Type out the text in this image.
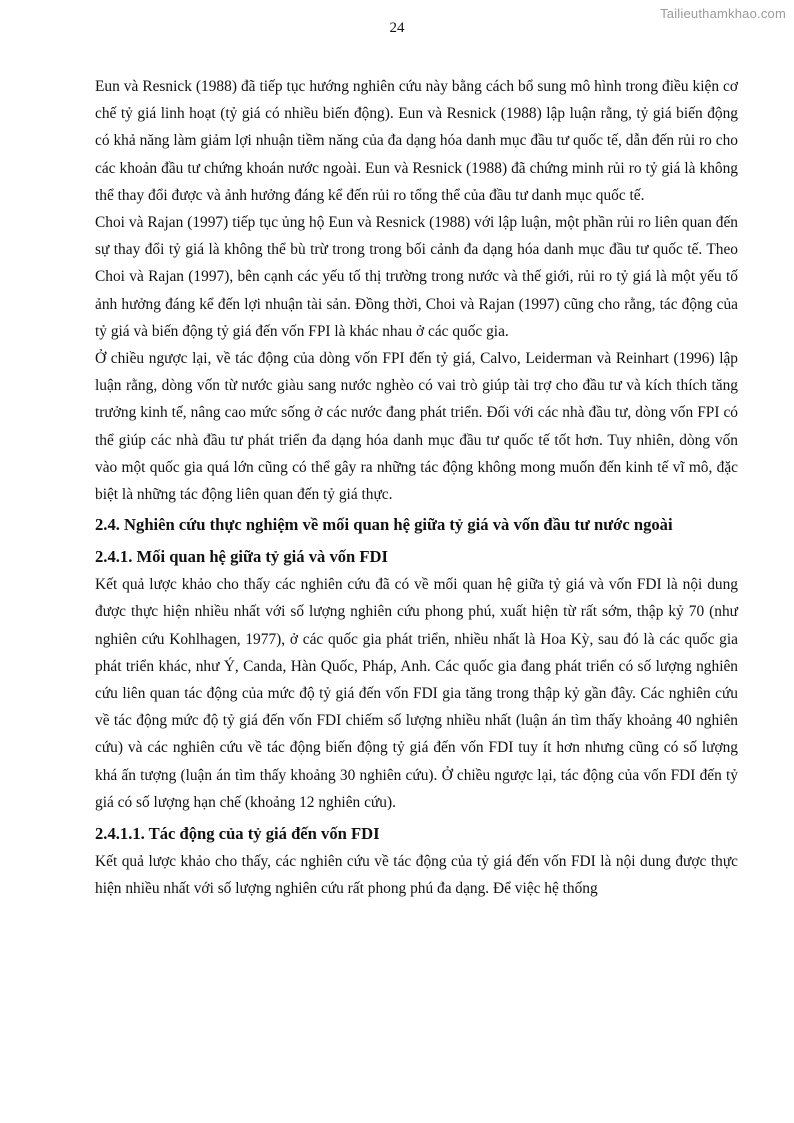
Tailieuthamkhao.com
24

Eun và Resnick (1988) đã tiếp tục hướng nghiên cứu này bằng cách bổ sung mô hình trong điều kiện cơ chế tỷ giá linh hoạt (tỷ giá có nhiều biến động). Eun và Resnick (1988) lập luận rằng, tỷ giá biến động có khả năng làm giảm lợi nhuận tiềm năng của đa dạng hóa danh mục đầu tư quốc tế, dẫn đến rủi ro cho các khoản đầu tư chứng khoán nước ngoài. Eun và Resnick (1988) đã chứng minh rủi ro tỷ giá là không thể thay đổi được và ảnh hưởng đáng kể đến rủi ro tổng thể của đầu tư danh mục quốc tế.

Choi và Rajan (1997) tiếp tục ủng hộ Eun và Resnick (1988) với lập luận, một phần rủi ro liên quan đến sự thay đổi tỷ giá là không thể bù trừ trong trong bối cảnh đa dạng hóa danh mục đầu tư quốc tế. Theo Choi và Rajan (1997), bên cạnh các yếu tố thị trường trong nước và thế giới, rủi ro tỷ giá là một yếu tố ảnh hưởng đáng kể đến lợi nhuận tài sản. Đồng thời, Choi và Rajan (1997) cũng cho rằng, tác động của tỷ giá và biến động tỷ giá đến vốn FPI là khác nhau ở các quốc gia.

Ở chiều ngược lại, về tác động của dòng vốn FPI đến tỷ giá, Calvo, Leiderman và Reinhart (1996) lập luận rằng, dòng vốn từ nước giàu sang nước nghèo có vai trò giúp tài trợ cho đầu tư và kích thích tăng trưởng kinh tế, nâng cao mức sống ở các nước đang phát triển. Đối với các nhà đầu tư, dòng vốn FPI có thể giúp các nhà đầu tư phát triển đa dạng hóa danh mục đầu tư quốc tế tốt hơn. Tuy nhiên, dòng vốn vào một quốc gia quá lớn cũng có thể gây ra những tác động không mong muốn đến kinh tế vĩ mô, đặc biệt là những tác động liên quan đến tỷ giá thực.

2.4. Nghiên cứu thực nghiệm về mối quan hệ giữa tỷ giá và vốn đầu tư nước ngoài
2.4.1. Mối quan hệ giữa tỷ giá và vốn FDI

Kết quả lược khảo cho thấy các nghiên cứu đã có về mối quan hệ giữa tỷ giá và vốn FDI là nội dung được thực hiện nhiều nhất với số lượng nghiên cứu phong phú, xuất hiện từ rất sớm, thập kỷ 70 (như nghiên cứu Kohlhagen, 1977), ở các quốc gia phát triển, nhiều nhất là Hoa Kỳ, sau đó là các quốc gia phát triển khác, như Ý, Canda, Hàn Quốc, Pháp, Anh. Các quốc gia đang phát triển có số lượng nghiên cứu liên quan tác động của mức độ tỷ giá đến vốn FDI gia tăng trong thập kỷ gần đây. Các nghiên cứu về tác động mức độ tỷ giá đến vốn FDI chiếm số lượng nhiều nhất (luận án tìm thấy khoảng 40 nghiên cứu) và các nghiên cứu về tác động biến động tỷ giá đến vốn FDI tuy ít hơn nhưng cũng có số lượng khá ấn tượng (luận án tìm thấy khoảng 30 nghiên cứu). Ở chiều ngược lại, tác động của vốn FDI đến tỷ giá có số lượng hạn chế (khoảng 12 nghiên cứu).

2.4.1.1. Tác động của tỷ giá đến vốn FDI

Kết quả lược khảo cho thấy, các nghiên cứu về tác động của tỷ giá đến vốn FDI là nội dung được thực hiện nhiều nhất với số lượng nghiên cứu rất phong phú đa dạng. Để việc hệ thống
